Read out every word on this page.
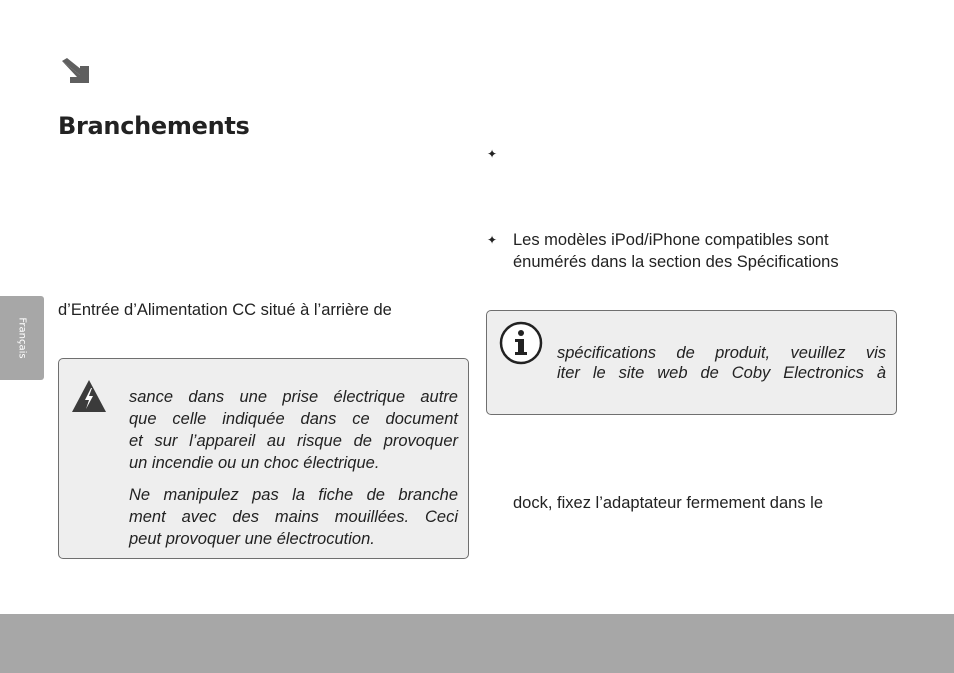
Branchements
Français

d’Entrée d’Alimentation CC situé à l’arrière de

sance dans une prise électrique autre

que celle indiquée dans ce document

et sur l’appareil au risque de provoquer

un incendie ou un choc électrique.

Ne manipulez pas la fiche de branche

ment avec des mains mouillées. Ceci

peut provoquer une électrocution.

✦
✦ Les modèles iPod/iPhone compatibles sont

énumérés dans la section des Spécifications

spécifications de produit, veuillez vis

iter le site web de Coby Electronics à

dock, fixez l’adaptateur fermement dans le
